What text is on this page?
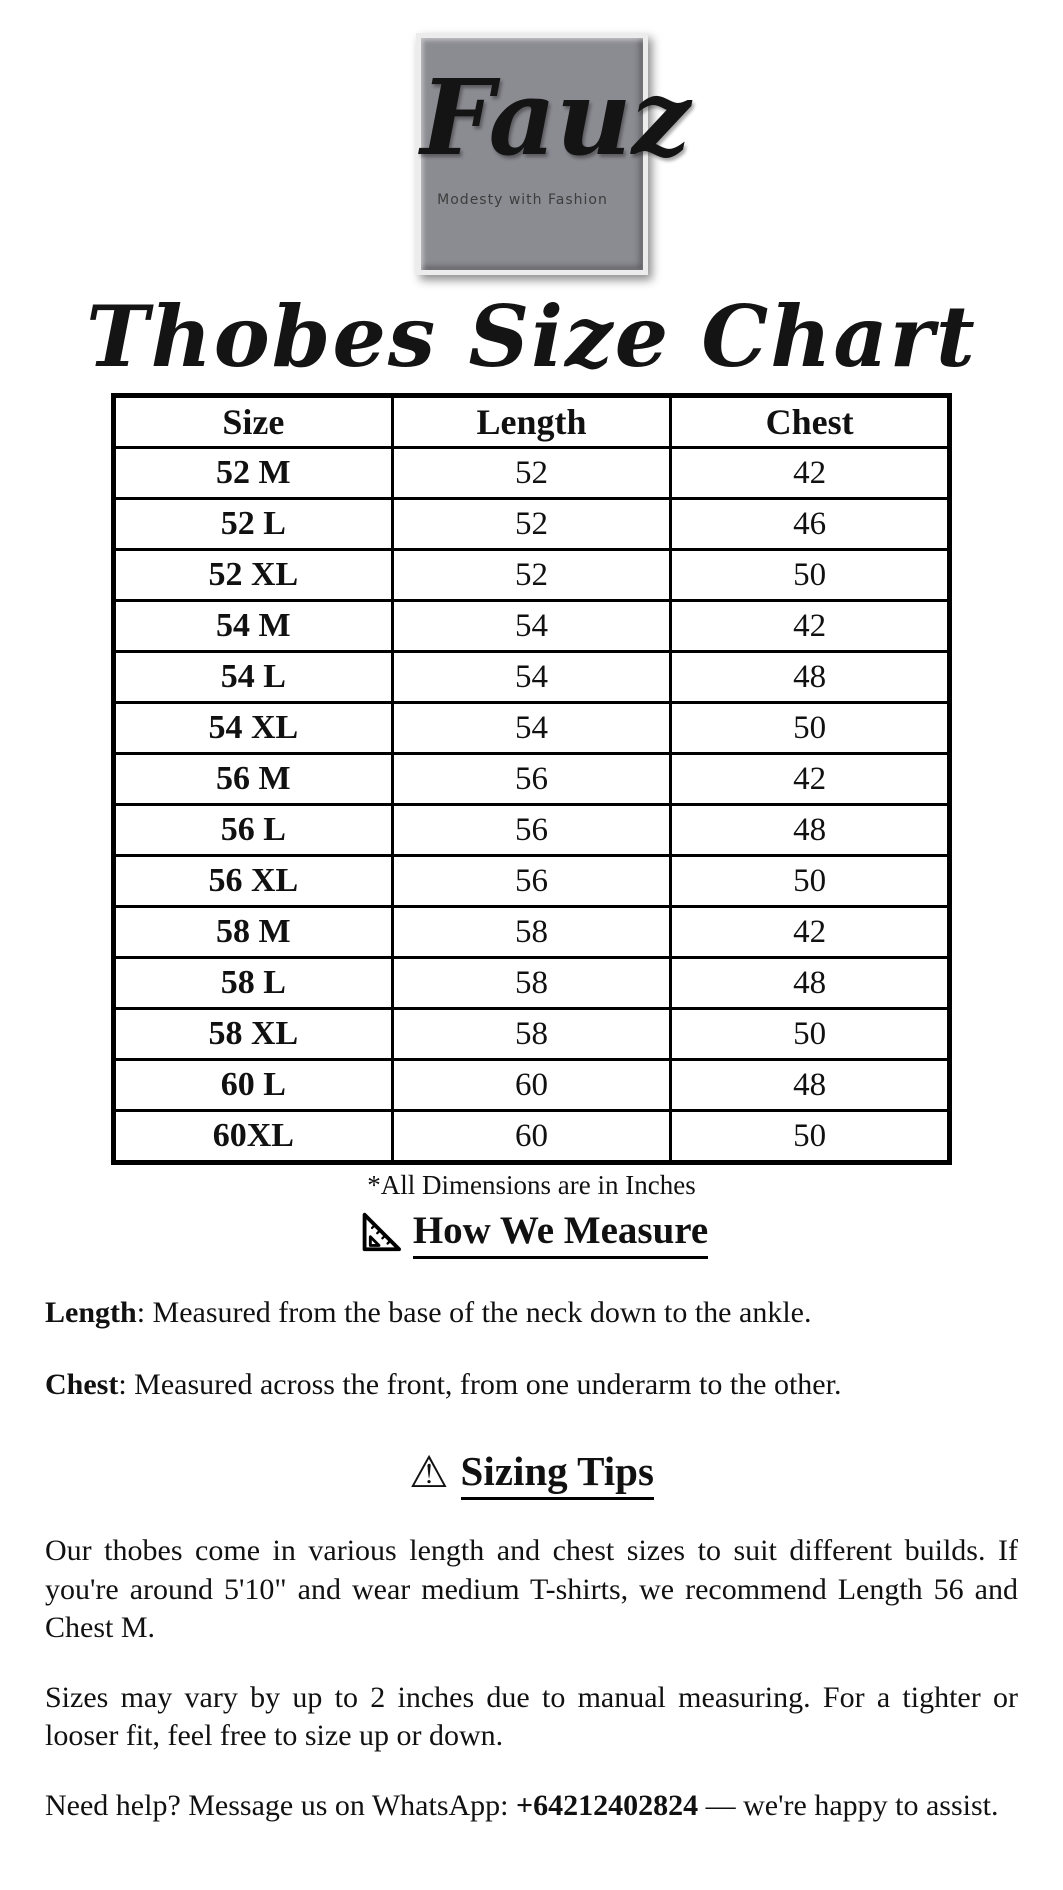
Fauz
Modesty with Fashion
Thobes Size Chart
Size	Length	Chest
52 M	52	42
52 L	52	46
52 XL	52	50
54 M	54	42
54 L	54	48
54 XL	54	50
56 M	56	42
56 L	56	48
56 XL	56	50
58 M	58	42
58 L	58	48
58 XL	58	50
60 L	60	48
60XL	60	50
*All Dimensions are in Inches
How We Measure

Length: Measured from the base of the neck down to the ankle.

Chest: Measured across the front, from one underarm to the other.

⚠ Sizing Tips

Our thobes come in various length and chest sizes to suit different builds. If you're around 5'10" and wear medium T-shirts, we recommend Length 56 and Chest M.

Sizes may vary by up to 2 inches due to manual measuring. For a tighter or looser fit, feel free to size up or down.

Need help? Message us on WhatsApp: +64212402824 — we're happy to assist.
